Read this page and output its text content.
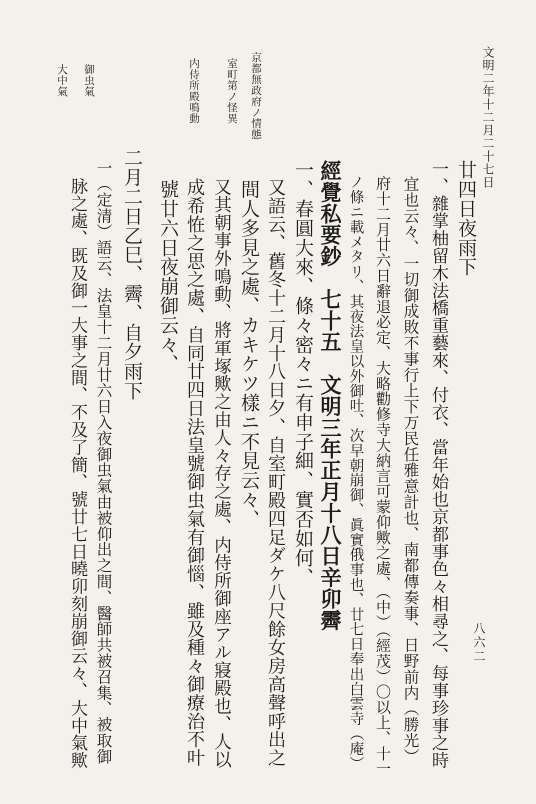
文明二年十二月二十七日
八六二
京都無政府ノ情態
室町第ノ怪異
内侍所殿鳴動
御虫氣
大中氣
廿四日夜雨下
一、雜掌柚留木法橋重藝來、付衣、當年始也京都事色々相尋之、每事珍事之時
　宜也云々、一切御成敗不事行上下万民任雅意計也、南都傳奏事、日野前内（勝光）
　府十二月廿六日辭退必定、大略勸修寺大納言可蒙仰歟之處、（中）（經茂）〇以上、十一
　ノ條ニ載メタリ、其夜法皇以外御吐、次早朝崩御、眞實俄事也、廿七日奉出白雲寺（庵）
經覺私要鈔　七十五　文明三年正月十八日辛卯霽
一、春圓大來、條々密々ニ有申子細、實否如何、
　又語云、舊冬十二月十八日夕、自室町殿四足ダケ八尺餘女房高聲呼出之
　間人多見之處、カキケツ樣ニ不見云々、
　又其朝事外鳴動、將軍塚歟之由人々存之處、内侍所御座アル寢殿也、人以
　成希恠之思之處、自同廿四日法皇號御虫氣有御惱、雖及種々御療治不叶
　號廿六日夜崩御云々、
二月二日乙巳、霽、自夕雨下
一（定清）語云、法皇十二月廿六日入夜御虫氣由被仰出之間、醫師共被召集、被取御
　脉之處、既及御一大事之間、不及了簡、號廿七日曉卯刻崩御云々、大中氣歟
